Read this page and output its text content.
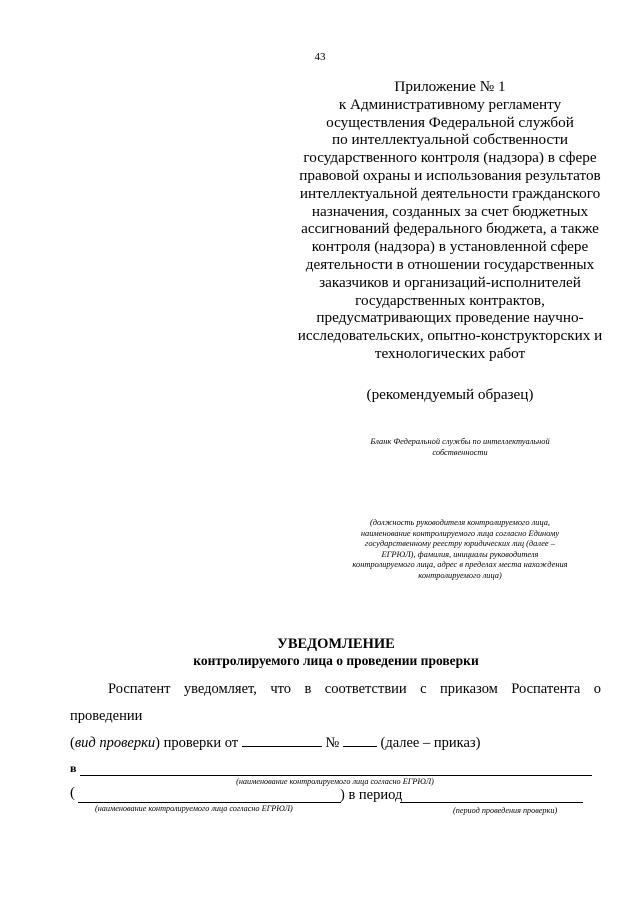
43
Приложение № 1
к Административному регламенту
осуществления Федеральной службой
по интеллектуальной собственности
государственного контроля (надзора) в сфере
правовой охраны и использования результатов
интеллектуальной деятельности гражданского
назначения, созданных за счет бюджетных
ассигнований федерального бюджета, а также
контроля (надзора) в установленной сфере
деятельности в отношении государственных
заказчиков и организаций-исполнителей
государственных контрактов,
предусматривающих проведение научно-
исследовательских, опытно-конструкторских и
технологических работ
(рекомендуемый образец)
Бланк Федеральной службы по интеллектуальной
собственности
(должность руководителя контролируемого лица,
наименование контролируемого лица согласно Единому
государственному реестру юридических лиц (далее –
ЕГРЮЛ), фамилия, инициалы руководителя
контролируемого лица, адрес в пределах места нахождения
контролируемого лица)
УВЕДОМЛЕНИЕ
контролируемого лица о проведении проверки
Роспатент уведомляет, что в соответствии с приказом Роспатента о
проведении
(вид проверки) проверки от	№  (далее – приказ)
в
(наименование контролируемого лица согласно ЕГРЮЛ)
(	) в период
(наименование контролируемого лица согласно ЕГРЮЛ)	(период проведения проверки)
